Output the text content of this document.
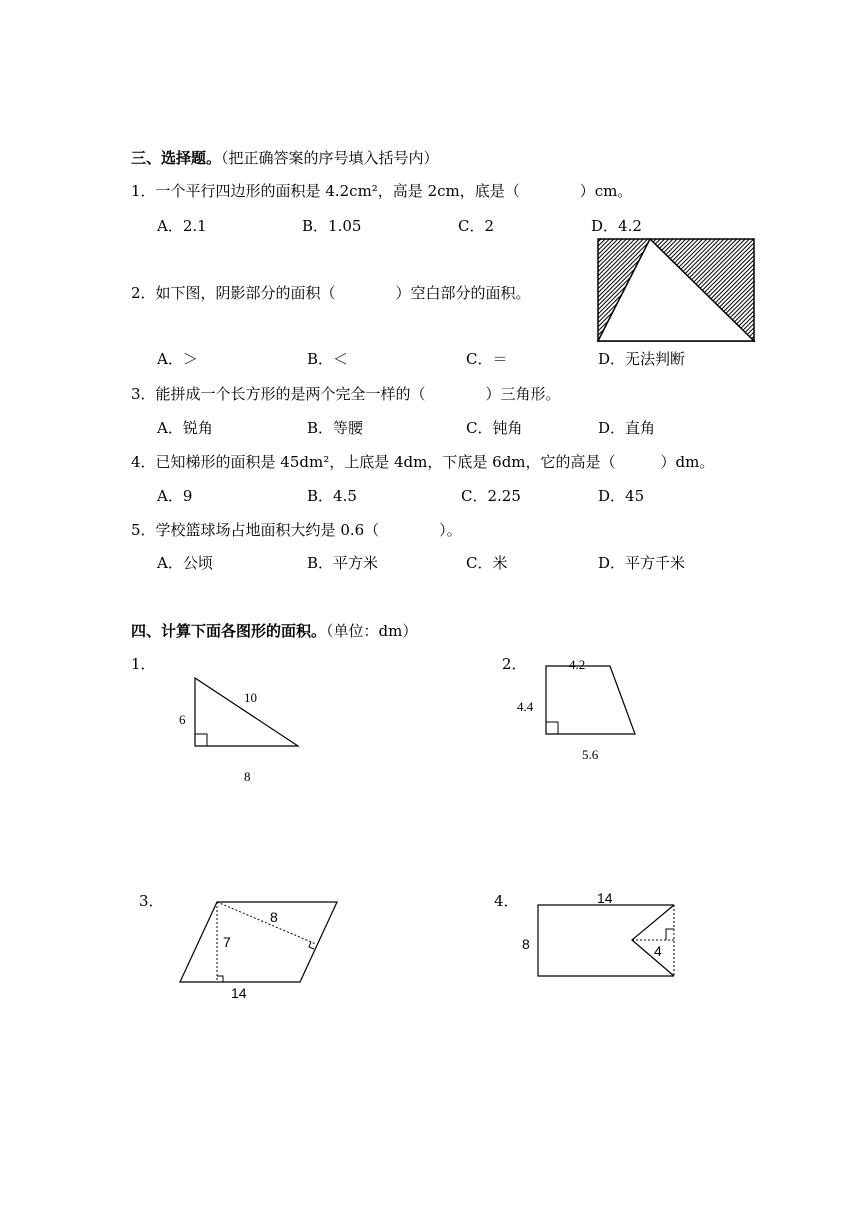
三、选择题。（把正确答案的序号填入括号内）
1．一个平行四边形的面积是 4.2cm²，高是 2cm，底是（　　　　）cm。
A．2.1	B．1.05	C．2	D．4.2
2．如下图，阴影部分的面积（　　　　）空白部分的面积。
A．＞	B．＜	C．＝	D．无法判断
3．能拼成一个长方形的是两个完全一样的（　　　　）三角形。
A．锐角	B．等腰	C．钝角	D．直角
4．已知梯形的面积是 45dm²，上底是 4dm，下底是 6dm，它的高是（　　　）dm。
A．9	B．4.5	C．2.25	D．45
5．学校篮球场占地面积大约是 0.6（　　　　）。
A．公顷	B．平方米	C．米	D．平方千米
四、计算下面各图形的面积。（单位：dm）
1．
10
6
8
2．	4.2
4.4
5.6
3．
8
7
14
4．	14
8	4
